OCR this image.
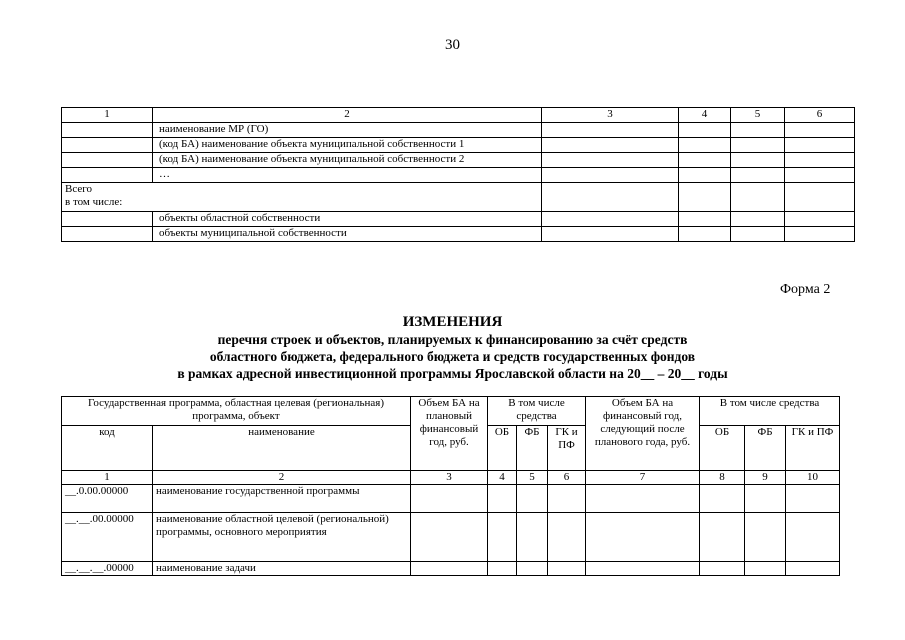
30
1	2	3	4	5	6
	наименование МР (ГО)				
	(код БА) наименование объекта муниципальной собственности 1				
	(код БА) наименование объекта муниципальной собственности 2				
	…				

Всего
в том числе:					

	объекты областной собственности				
	объекты муниципальной собственности				
Форма 2
ИЗМЕНЕНИЯ
перечня строек и объектов, планируемых к финансированию за счёт средств
областного бюджета, федерального бюджета и средств государственных фондов
в рамках адресной инвестиционной программы Ярославской области на 20__ – 20__ годы
Государственная программа, областная целевая (региональная) программа, объект		Объем БА на плановый финансовый год, руб.	В том числе средства			Объем БА на финансовый год, следующий после планового года, руб.	В том числе средства		
код	наименование		ОБ	ФБ	ГК и ПФ		ОБ	ФБ	ГК и ПФ
1	2	3	4	5	6	7	8	9	10
__.0.00.00000	наименование государственной программы								
__.__.00.00000	наименование областной целевой (региональной) программы, основного мероприятия								
__.__.__.00000	наименование задачи								
